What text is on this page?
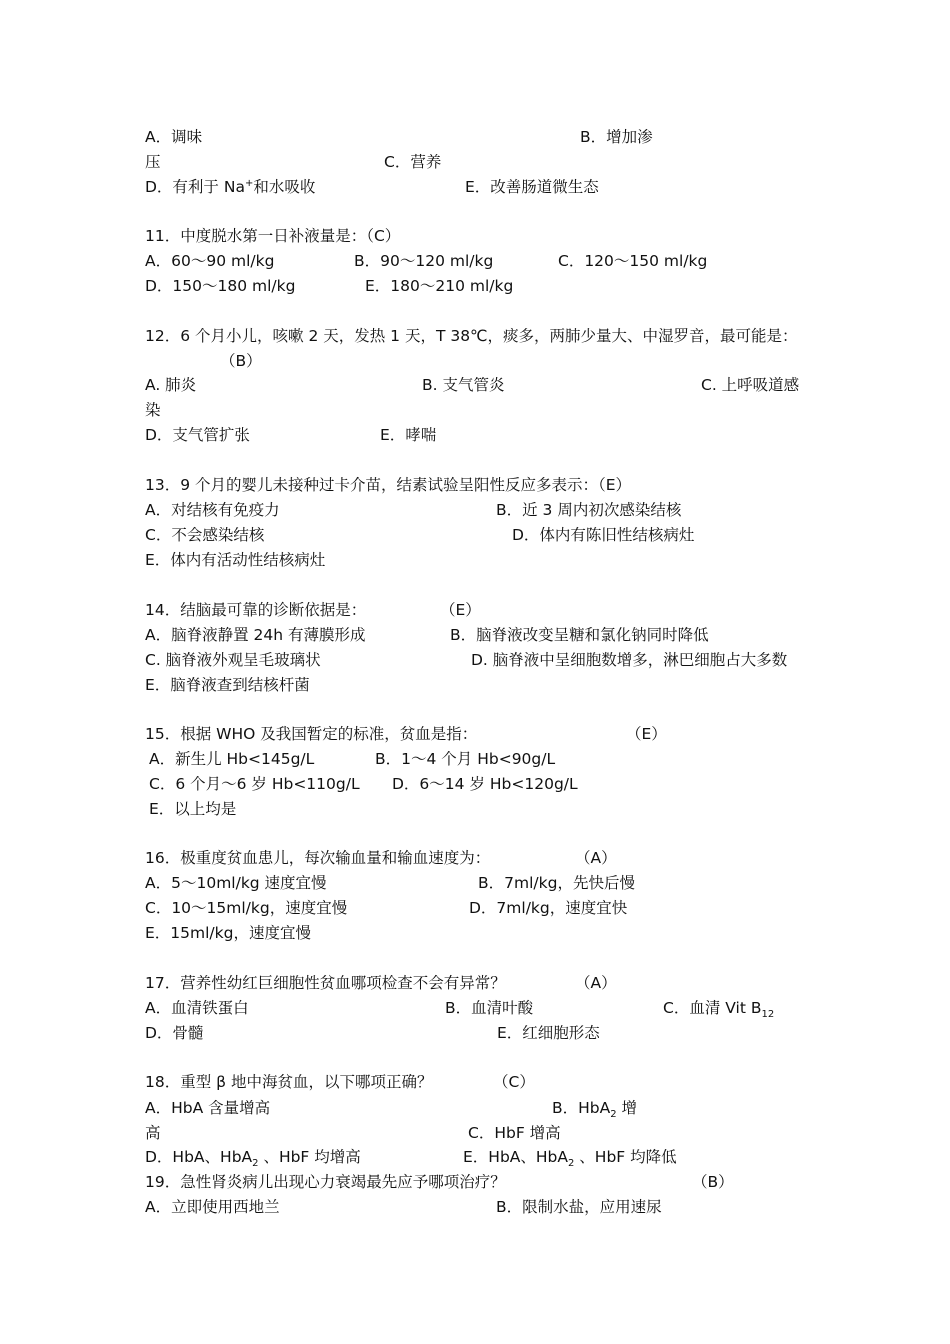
A．调味	B．增加渗
压	C．营养
D．有利于 Na+和水吸收	E．改善肠道微生态
11．中度脱水第一日补液量是：（C）
A．60～90 ml/kg	B．90～120 ml/kg	C．120～150 ml/kg
D．150～180 ml/kg	E．180～210 ml/kg
12．6 个月小儿，咳嗽 2 天，发热 1 天，T 38℃，痰多，两肺少量大、中湿罗音，最可能是：
（B）
A. 肺炎	B. 支气管炎	C. 上呼吸道感
染
D．支气管扩张	E．哮喘
13．9 个月的婴儿未接种过卡介苗，结素试验呈阳性反应多表示：（E）
A．对结核有免疫力	B．近 3 周内初次感染结核
C．不会感染结核	D．体内有陈旧性结核病灶
E．体内有活动性结核病灶
14．结脑最可靠的诊断依据是：	（E）
A．脑脊液静置 24h 有薄膜形成	B．脑脊液改变呈糖和氯化钠同时降低
C. 脑脊液外观呈毛玻璃状	D. 脑脊液中呈细胞数增多，淋巴细胞占大多数
E．脑脊液查到结核杆菌
15．根据 WHO 及我国暂定的标准，贫血是指：	（E）
A．新生儿 Hb<145g/L	B．1～4 个月 Hb<90g/L
C．6 个月～6 岁 Hb<110g/L D．6～14 岁 Hb<120g/L
E．以上均是
16．极重度贫血患儿，每次输血量和输血速度为：	（A）
A．5～10ml/kg 速度宜慢	B．7ml/kg，先快后慢
C．10～15ml/kg，速度宜慢	D．7ml/kg，速度宜快
E．15ml/kg，速度宜慢
17．营养性幼红巨细胞性贫血哪项检查不会有异常？	（A）
A．血清铁蛋白	B．血清叶酸	C．血清 Vit $B_{12}$
D．骨髓	E．红细胞形态
18．重型 β 地中海贫血，以下哪项正确？	（C）
A．HbA 含量增高	B．HbA$_2$ 增
高	C．HbF 增高
D．HbA、HbA$_2$ 、HbF 均增高	E．HbA、HbA$_2$ 、HbF 均降低
19．急性肾炎病儿出现心力衰竭最先应予哪项治疗？	（B）
A．立即使用西地兰	B．限制水盐，应用速尿
